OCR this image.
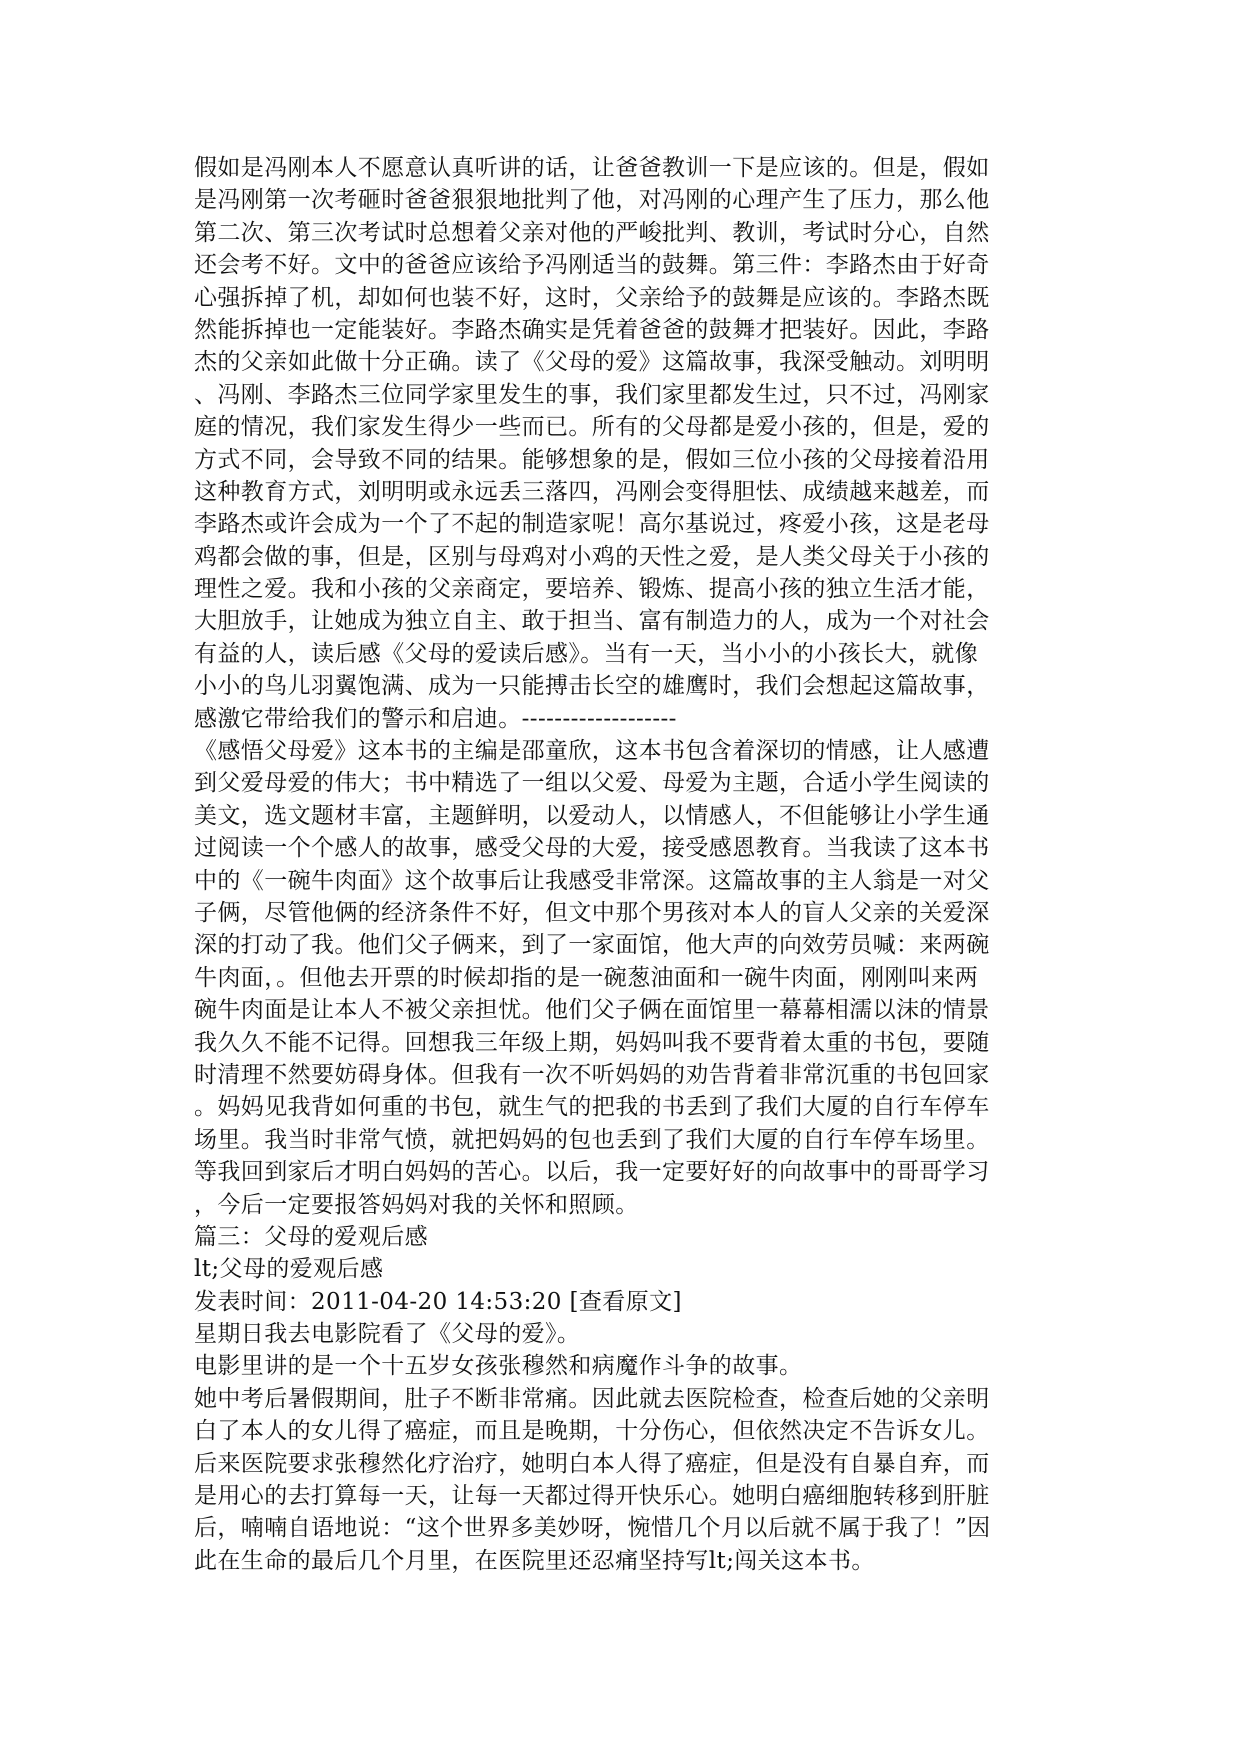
假如是冯刚本人不愿意认真听讲的话，让爸爸教训一下是应该的。但是，假如
是冯刚第一次考砸时爸爸狠狠地批判了他，对冯刚的心理产生了压力，那么他
第二次、第三次考试时总想着父亲对他的严峻批判、教训，考试时分心，自然
还会考不好。文中的爸爸应该给予冯刚适当的鼓舞。第三件：李路杰由于好奇
心强拆掉了机，却如何也装不好，这时，父亲给予的鼓舞是应该的。李路杰既
然能拆掉也一定能装好。李路杰确实是凭着爸爸的鼓舞才把装好。因此，李路
杰的父亲如此做十分正确。读了《父母的爱》这篇故事，我深受触动。刘明明
、冯刚、李路杰三位同学家里发生的事，我们家里都发生过，只不过，冯刚家
庭的情况，我们家发生得少一些而已。所有的父母都是爱小孩的，但是，爱的
方式不同，会导致不同的结果。能够想象的是，假如三位小孩的父母接着沿用
这种教育方式，刘明明或永远丢三落四，冯刚会变得胆怯、成绩越来越差，而
李路杰或许会成为一个了不起的制造家呢！高尔基说过，疼爱小孩，这是老母
鸡都会做的事，但是，区别与母鸡对小鸡的天性之爱，是人类父母关于小孩的
理性之爱。我和小孩的父亲商定，要培养、锻炼、提高小孩的独立生活才能，
大胆放手，让她成为独立自主、敢于担当、富有制造力的人，成为一个对社会
有益的人，读后感《父母的爱读后感》。当有一天，当小小的小孩长大，就像
小小的鸟儿羽翼饱满、成为一只能搏击长空的雄鹰时，我们会想起这篇故事，
感激它带给我们的警示和启迪。-------------------
《感悟父母爱》这本书的主编是邵童欣，这本书包含着深切的情感，让人感遭
到父爱母爱的伟大；书中精选了一组以父爱、母爱为主题，合适小学生阅读的
美文，选文题材丰富，主题鲜明，以爱动人，以情感人，不但能够让小学生通
过阅读一个个感人的故事，感受父母的大爱，接受感恩教育。当我读了这本书
中的《一碗牛肉面》这个故事后让我感受非常深。这篇故事的主人翁是一对父
子俩，尽管他俩的经济条件不好，但文中那个男孩对本人的盲人父亲的关爱深
深的打动了我。他们父子俩来，到了一家面馆，他大声的向效劳员喊：来两碗
牛肉面，。但他去开票的时候却指的是一碗葱油面和一碗牛肉面，刚刚叫来两
碗牛肉面是让本人不被父亲担忧。他们父子俩在面馆里一幕幕相濡以沫的情景
我久久不能不记得。回想我三年级上期，妈妈叫我不要背着太重的书包，要随
时清理不然要妨碍身体。但我有一次不听妈妈的劝告背着非常沉重的书包回家
。妈妈见我背如何重的书包，就生气的把我的书丢到了我们大厦的自行车停车
场里。我当时非常气愤，就把妈妈的包也丢到了我们大厦的自行车停车场里。
等我回到家后才明白妈妈的苦心。以后，我一定要好好的向故事中的哥哥学习
，今后一定要报答妈妈对我的关怀和照顾。
篇三：父母的爱观后感
lt;父母的爱观后感
发表时间：2011-04-20 14:53:20 [查看原文]
星期日我去电影院看了《父母的爱》。
电影里讲的是一个十五岁女孩张穆然和病魔作斗争的故事。
她中考后暑假期间，肚子不断非常痛。因此就去医院检查，检查后她的父亲明
白了本人的女儿得了癌症，而且是晚期，十分伤心，但依然决定不告诉女儿。
后来医院要求张穆然化疗治疗，她明白本人得了癌症，但是没有自暴自弃，而
是用心的去打算每一天，让每一天都过得开快乐心。她明白癌细胞转移到肝脏
后，喃喃自语地说：“这个世界多美妙呀，惋惜几个月以后就不属于我了！”因
此在生命的最后几个月里，在医院里还忍痛坚持写lt;闯关这本书。
